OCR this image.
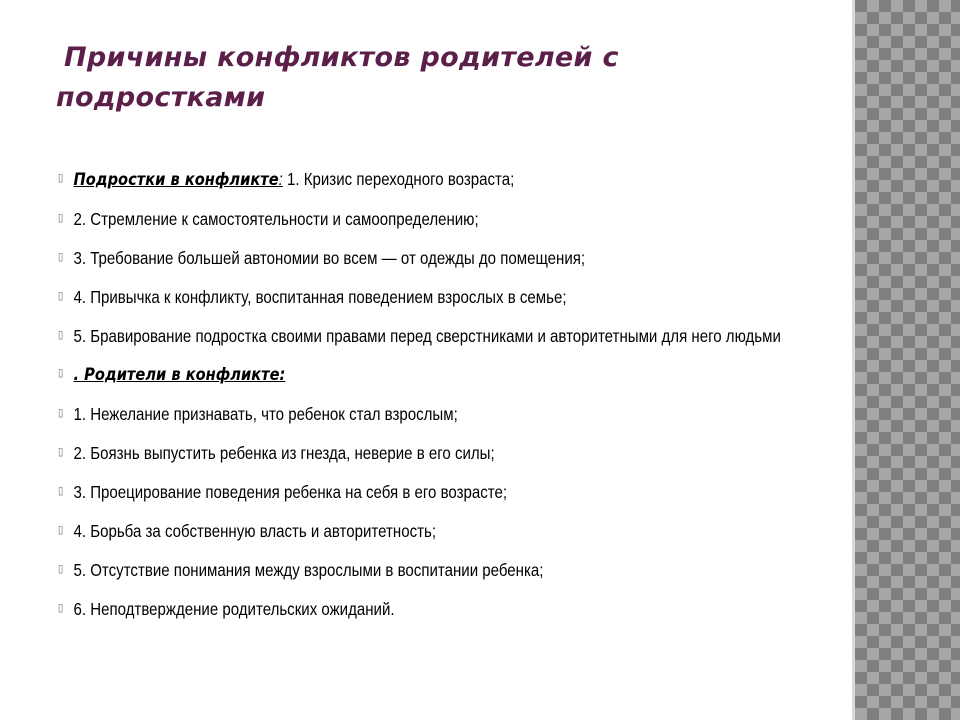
Причины конфликтов родителей с
подростками
▯ Подростки в конфликте: 1. Кризис переходного возраста;
▯ 2. Стремление к самостоятельности и самоопределению;
▯ 3. Требование большей автономии во всем — от одежды до помещения;
▯ 4. Привычка к конфликту, воспитанная поведением взрослых в семье;
▯ 5. Бравирование подростка своими правами перед сверстниками и авторитетными для него людьми
▯ . Родители в конфликте:
▯ 1. Нежелание признавать, что ребенок стал взрослым;
▯ 2. Боязнь выпустить ребенка из гнезда, неверие в его силы;
▯ 3. Проецирование поведения ребенка на себя в его возрасте;
▯ 4. Борьба за собственную власть и авторитетность;
▯ 5. Отсутствие понимания между взрослыми в воспитании ребенка;
▯ 6. Неподтверждение родительских ожиданий.
